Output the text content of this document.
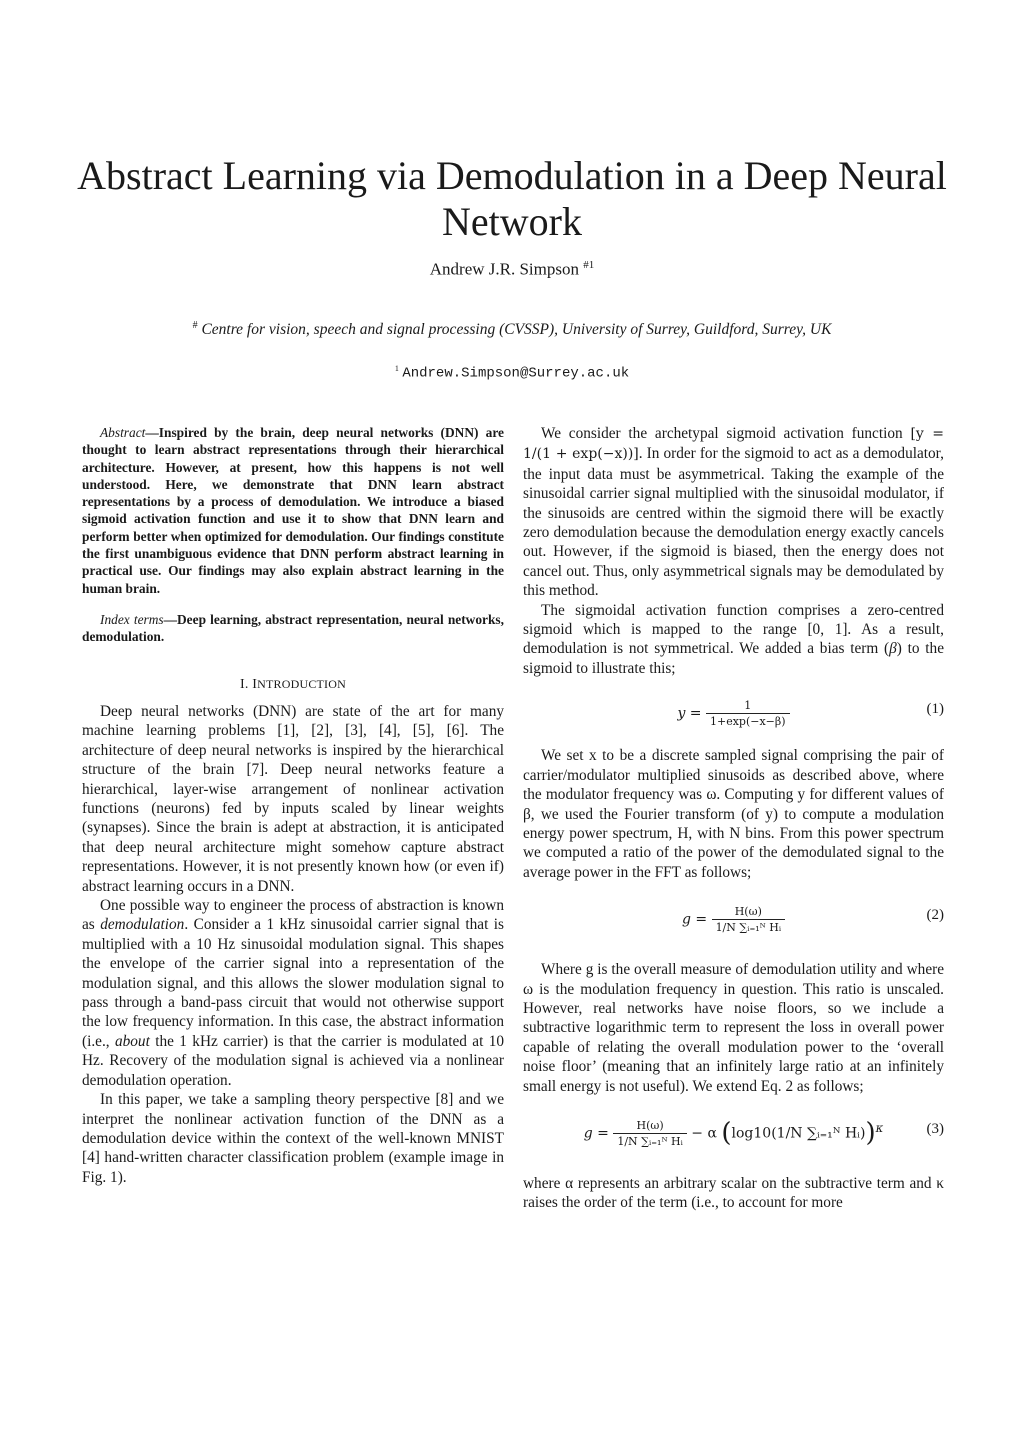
Abstract Learning via Demodulation in a Deep Neural Network
Andrew J.R. Simpson $^{\#1}$
# Centre for vision, speech and signal processing (CVSSP), University of Surrey, Guildford, Surrey, UK
$^1$ Andrew.Simpson@Surrey.ac.uk

Abstract—Inspired by the brain, deep neural networks (DNN) are thought to learn abstract representations through their hierarchical architecture. However, at present, how this happens is not well understood. Here, we demonstrate that DNN learn abstract representations by a process of demodulation. We introduce a biased sigmoid activation function and use it to show that DNN learn and perform better when optimized for demodulation. Our findings constitute the first unambiguous evidence that DNN perform abstract learning in practical use. Our findings may also explain abstract learning in the human brain.

Index terms—Deep learning, abstract representation, neural networks, demodulation.

I. INTRODUCTION

Deep neural networks (DNN) are state of the art for many machine learning problems [1], [2], [3], [4], [5], [6]. The architecture of deep neural networks is inspired by the hierarchical structure of the brain [7]. Deep neural networks feature a hierarchical, layer-wise arrangement of nonlinear activation functions (neurons) fed by inputs scaled by linear weights (synapses). Since the brain is adept at abstraction, it is anticipated that deep neural architecture might somehow capture abstract representations. However, it is not presently known how (or even if) abstract learning occurs in a DNN.

One possible way to engineer the process of abstraction is known as demodulation. Consider a 1 kHz sinusoidal carrier signal that is multiplied with a 10 Hz sinusoidal modulation signal. This shapes the envelope of the carrier signal into a representation of the modulation signal, and this allows the slower modulation signal to pass through a band-pass circuit that would not otherwise support the low frequency information. In this case, the abstract information (i.e., about the 1 kHz carrier) is that the carrier is modulated at 10 Hz. Recovery of the modulation signal is achieved via a nonlinear demodulation operation.

In this paper, we take a sampling theory perspective [8] and we interpret the nonlinear activation function of the DNN as a demodulation device within the context of the well-known MNIST [4] hand-written character classification problem (example image in Fig. 1).

We consider the archetypal sigmoid activation function [y = 1/(1 + exp(−x))]. In order for the sigmoid to act as a demodulator, the input data must be asymmetrical. Taking the example of the sinusoidal carrier signal multiplied with the sinusoidal modulator, if the sinusoids are centred within the sigmoid there will be exactly zero demodulation because the demodulation energy exactly cancels out. However, if the sigmoid is biased, then the energy does not cancel out. Thus, only asymmetrical signals may be demodulated by this method.

The sigmoidal activation function comprises a zero-centred sigmoid which is mapped to the range [0, 1]. As a result, demodulation is not symmetrical. We added a bias term (β) to the sigmoid to illustrate this;

$y = \frac{1}{1+\exp(-x-\beta)}$	(1)

We set x to be a discrete sampled signal comprising the pair of carrier/modulator multiplied sinusoids as described above, where the modulator frequency was ω. Computing y for different values of β, we used the Fourier transform (of y) to compute a modulation energy power spectrum, H, with N bins. From this power spectrum we computed a ratio of the power of the demodulated signal to the average power in the FFT as follows;

$g = \frac{H(\omega)}{\text{1/N ∑ᵢ₌₁ᴺ Hᵢ}}$	(2)

Where g is the overall measure of demodulation utility and where ω is the modulation frequency in question. This ratio is unscaled. However, real networks have noise floors, so we include a subtractive logarithmic term to represent the loss in overall power capable of relating the overall modulation power to the ‘overall noise floor’ (meaning that an infinitely large ratio at an infinitely small energy is not useful). We extend Eq. 2 as follows;

$g = \frac{H(\omega)}{\text{1/N ∑ᵢ₌₁ᴺ Hᵢ}} - \alpha$ (log10(1/N ∑ᵢ₌₁ᴺ Hᵢ))$^\kappa$	(3)

where α represents an arbitrary scalar on the subtractive term and κ raises the order of the term (i.e., to account for more
